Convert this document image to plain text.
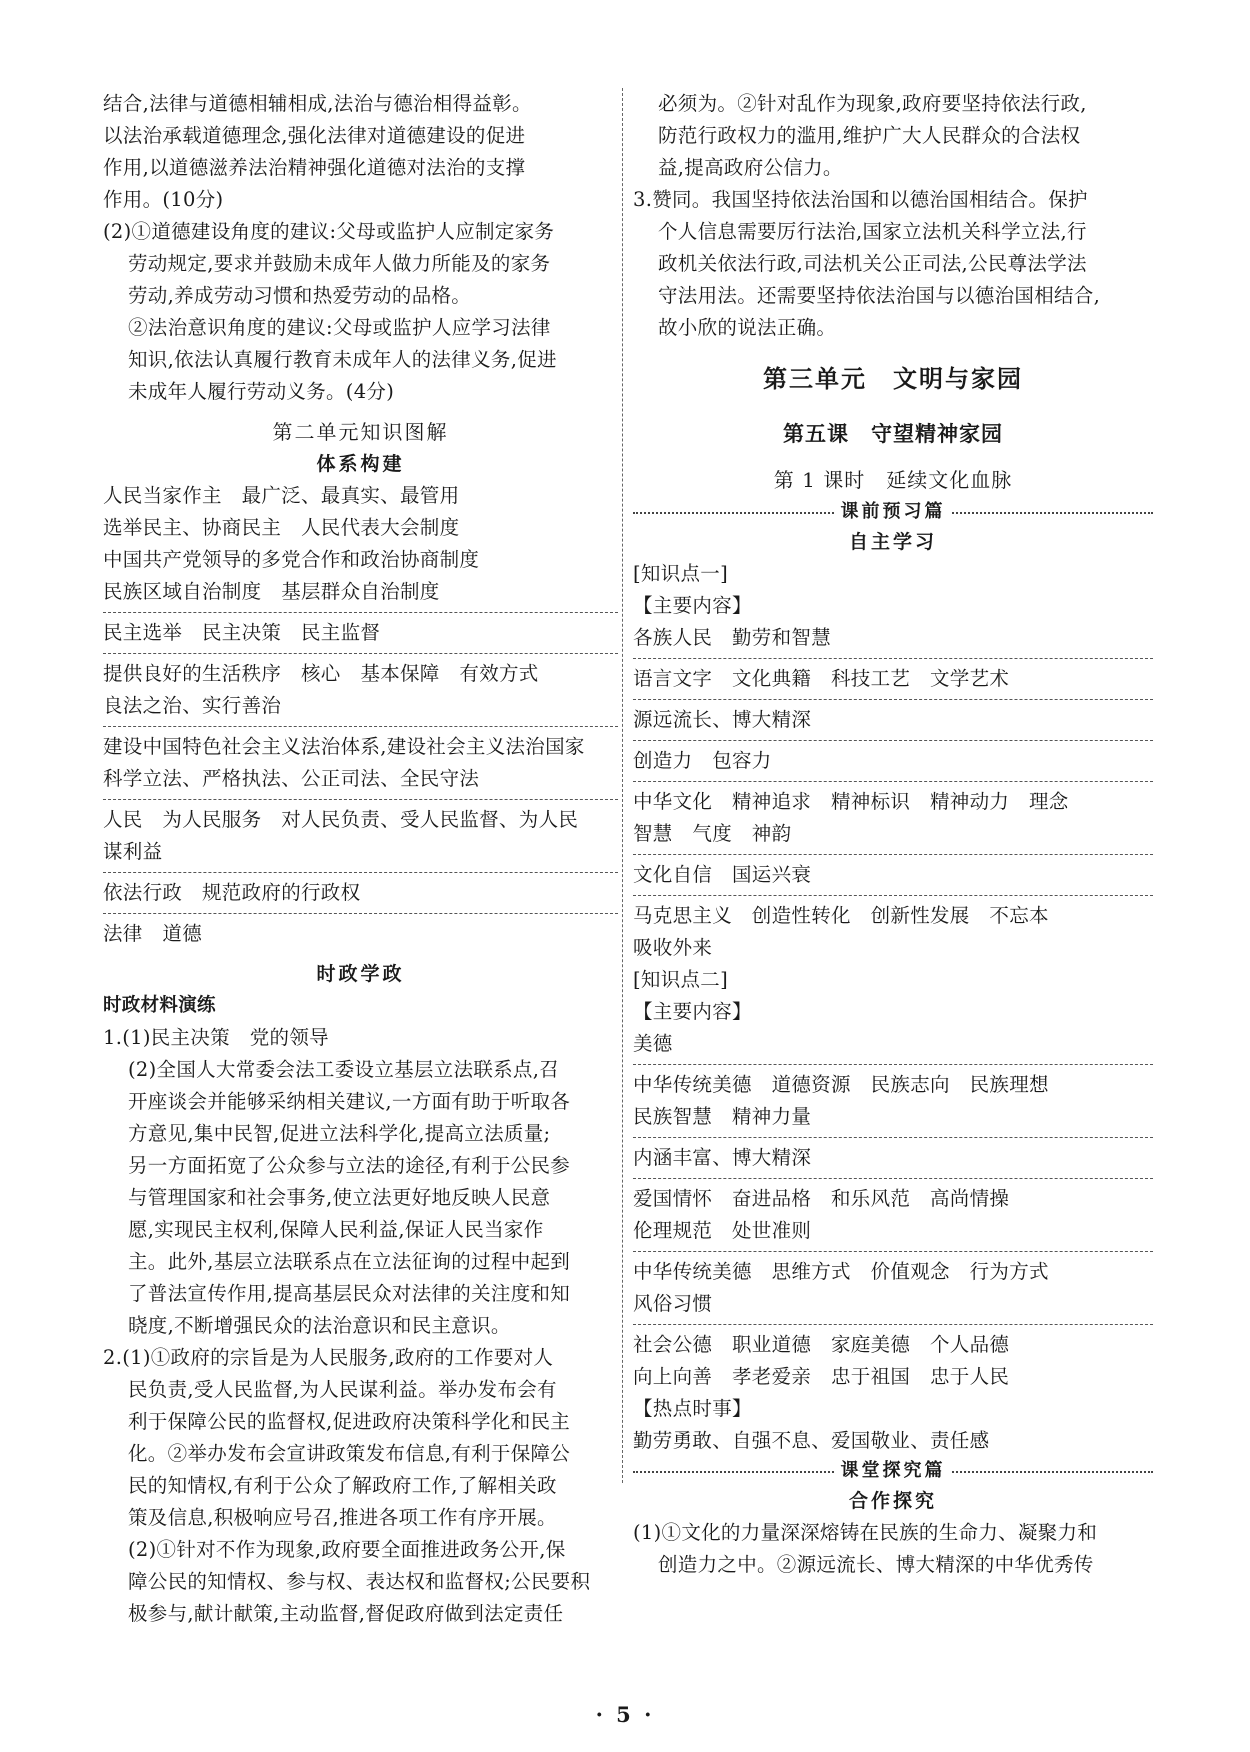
结合,法律与道德相辅相成,法治与德治相得益彰。
以法治承载道德理念,强化法律对道德建设的促进
作用,以道德滋养法治精神强化道德对法治的支撑
作用。(10分)
(2)①道德建设角度的建议:父母或监护人应制定家务
劳动规定,要求并鼓励未成年人做力所能及的家务
劳动,养成劳动习惯和热爱劳动的品格。
②法治意识角度的建议:父母或监护人应学习法律
知识,依法认真履行教育未成年人的法律义务,促进
未成年人履行劳动义务。(4分)
第二单元知识图解
体系构建
人民当家作主　最广泛、最真实、最管用
选举民主、协商民主　人民代表大会制度
中国共产党领导的多党合作和政治协商制度
民族区域自治制度　基层群众自治制度
民主选举　民主决策　民主监督
提供良好的生活秩序　核心　基本保障　有效方式
良法之治、实行善治
建设中国特色社会主义法治体系,建设社会主义法治国家
科学立法、严格执法、公正司法、全民守法
人民　为人民服务　对人民负责、受人民监督、为人民
谋利益
依法行政　规范政府的行政权
法律　道德
时政学政
时政材料演练
1.(1)民主决策　党的领导
(2)全国人大常委会法工委设立基层立法联系点,召
开座谈会并能够采纳相关建议,一方面有助于听取各
方意见,集中民智,促进立法科学化,提高立法质量;
另一方面拓宽了公众参与立法的途径,有利于公民参
与管理国家和社会事务,使立法更好地反映人民意
愿,实现民主权利,保障人民利益,保证人民当家作
主。此外,基层立法联系点在立法征询的过程中起到
了普法宣传作用,提高基层民众对法律的关注度和知
晓度,不断增强民众的法治意识和民主意识。
2.(1)①政府的宗旨是为人民服务,政府的工作要对人
民负责,受人民监督,为人民谋利益。举办发布会有
利于保障公民的监督权,促进政府决策科学化和民主
化。②举办发布会宣讲政策发布信息,有利于保障公
民的知情权,有利于公众了解政府工作,了解相关政
策及信息,积极响应号召,推进各项工作有序开展。
(2)①针对不作为现象,政府要全面推进政务公开,保
障公民的知情权、参与权、表达权和监督权;公民要积
极参与,献计献策,主动监督,督促政府做到法定责任
必须为。②针对乱作为现象,政府要坚持依法行政,
防范行政权力的滥用,维护广大人民群众的合法权
益,提高政府公信力。
3.赞同。我国坚持依法治国和以德治国相结合。保护
个人信息需要厉行法治,国家立法机关科学立法,行
政机关依法行政,司法机关公正司法,公民尊法学法
守法用法。还需要坚持依法治国与以德治国相结合,
故小欣的说法正确。
第三单元　文明与家园
第五课　守望精神家园
第 1 课时　延续文化血脉
课前预习篇
自主学习
[知识点一]
【主要内容】
各族人民　勤劳和智慧
语言文字　文化典籍　科技工艺　文学艺术
源远流长、博大精深
创造力　包容力
中华文化　精神追求　精神标识　精神动力　理念
智慧　气度　神韵
文化自信　国运兴衰
马克思主义　创造性转化　创新性发展　不忘本
吸收外来
[知识点二]
【主要内容】
美德
中华传统美德　道德资源　民族志向　民族理想
民族智慧　精神力量
内涵丰富、博大精深
爱国情怀　奋进品格　和乐风范　高尚情操
伦理规范　处世准则
中华传统美德　思维方式　价值观念　行为方式
风俗习惯
社会公德　职业道德　家庭美德　个人品德
向上向善　孝老爱亲　忠于祖国　忠于人民
【热点时事】
勤劳勇敢、自强不息、爱国敬业、责任感
课堂探究篇
合作探究
(1)①文化的力量深深熔铸在民族的生命力、凝聚力和
创造力之中。②源远流长、博大精深的中华优秀传
· 5 ·
